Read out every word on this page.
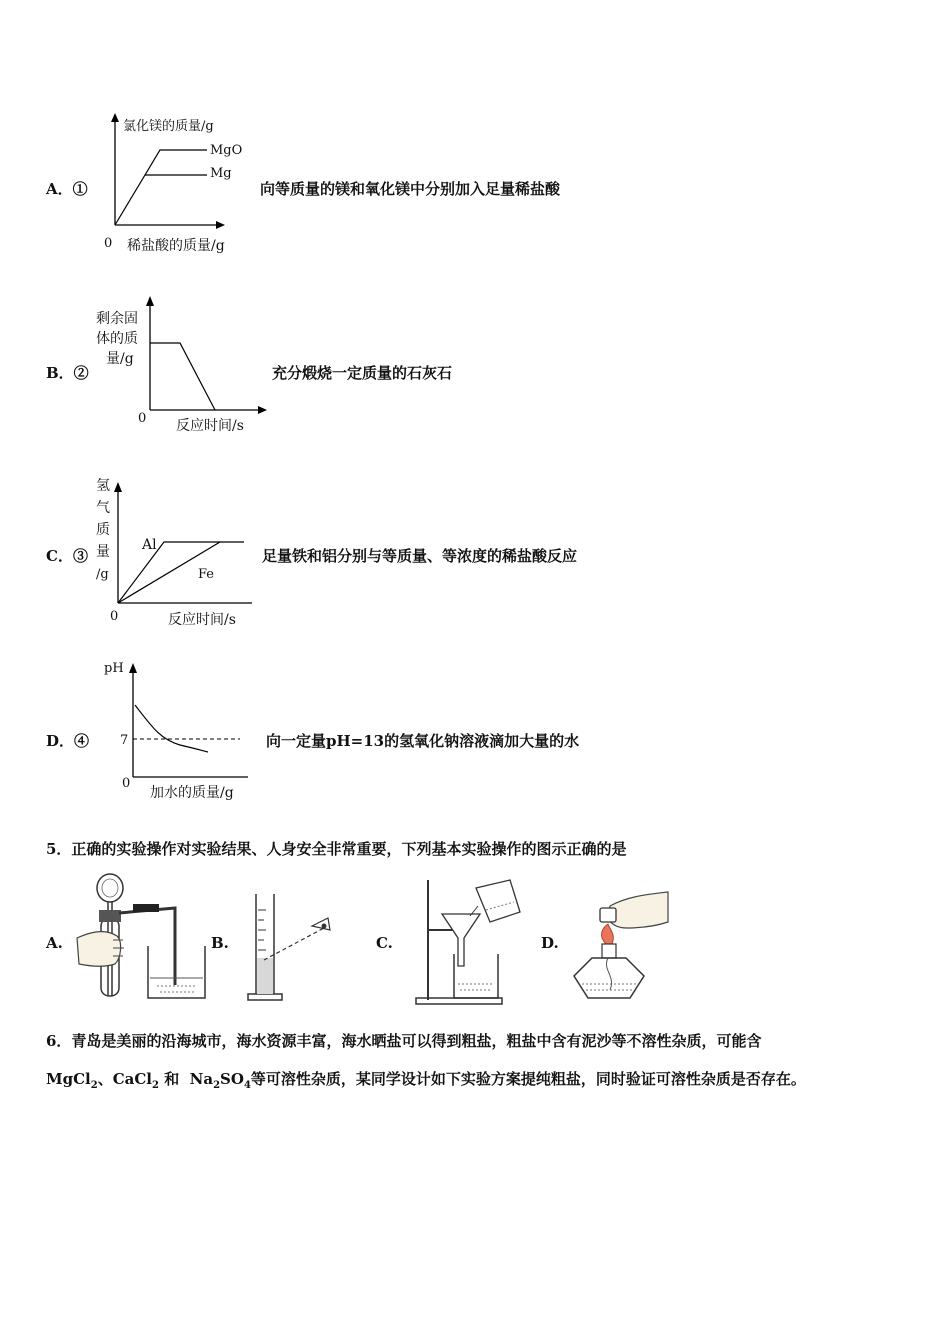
A．①
氯化镁的质量/g
MgO
Mg
0 稀盐酸的质量/g
向等质量的镁和氧化镁中分别加入足量稀盐酸
B．②
剩余固
体的质
量/g
0 反应时间/s
充分煅烧一定质量的石灰石
C．③
氢
气
质
量
/g
Al
Fe
0	反应时间/s
足量铁和铝分别与等质量、等浓度的稀盐酸反应
D．④
pH
7
0
加水的质量/g
向一定量pH=13的氢氧化钠溶液滴加大量的水
5．正确的实验操作对实验结果、人身安全非常重要，下列基本实验操作的图示正确的是
A.	B.	C.	D.
6．青岛是美丽的沿海城市，海水资源丰富，海水晒盐可以得到粗盐，粗盐中含有泥沙等不溶性杂质，可能含
MgCl$_2$、CaCl$_2$ 和  $Na_2SO_4$等可溶性杂质，某同学设计如下实验方案提纯粗盐，同时验证可溶性杂质是否存在。
